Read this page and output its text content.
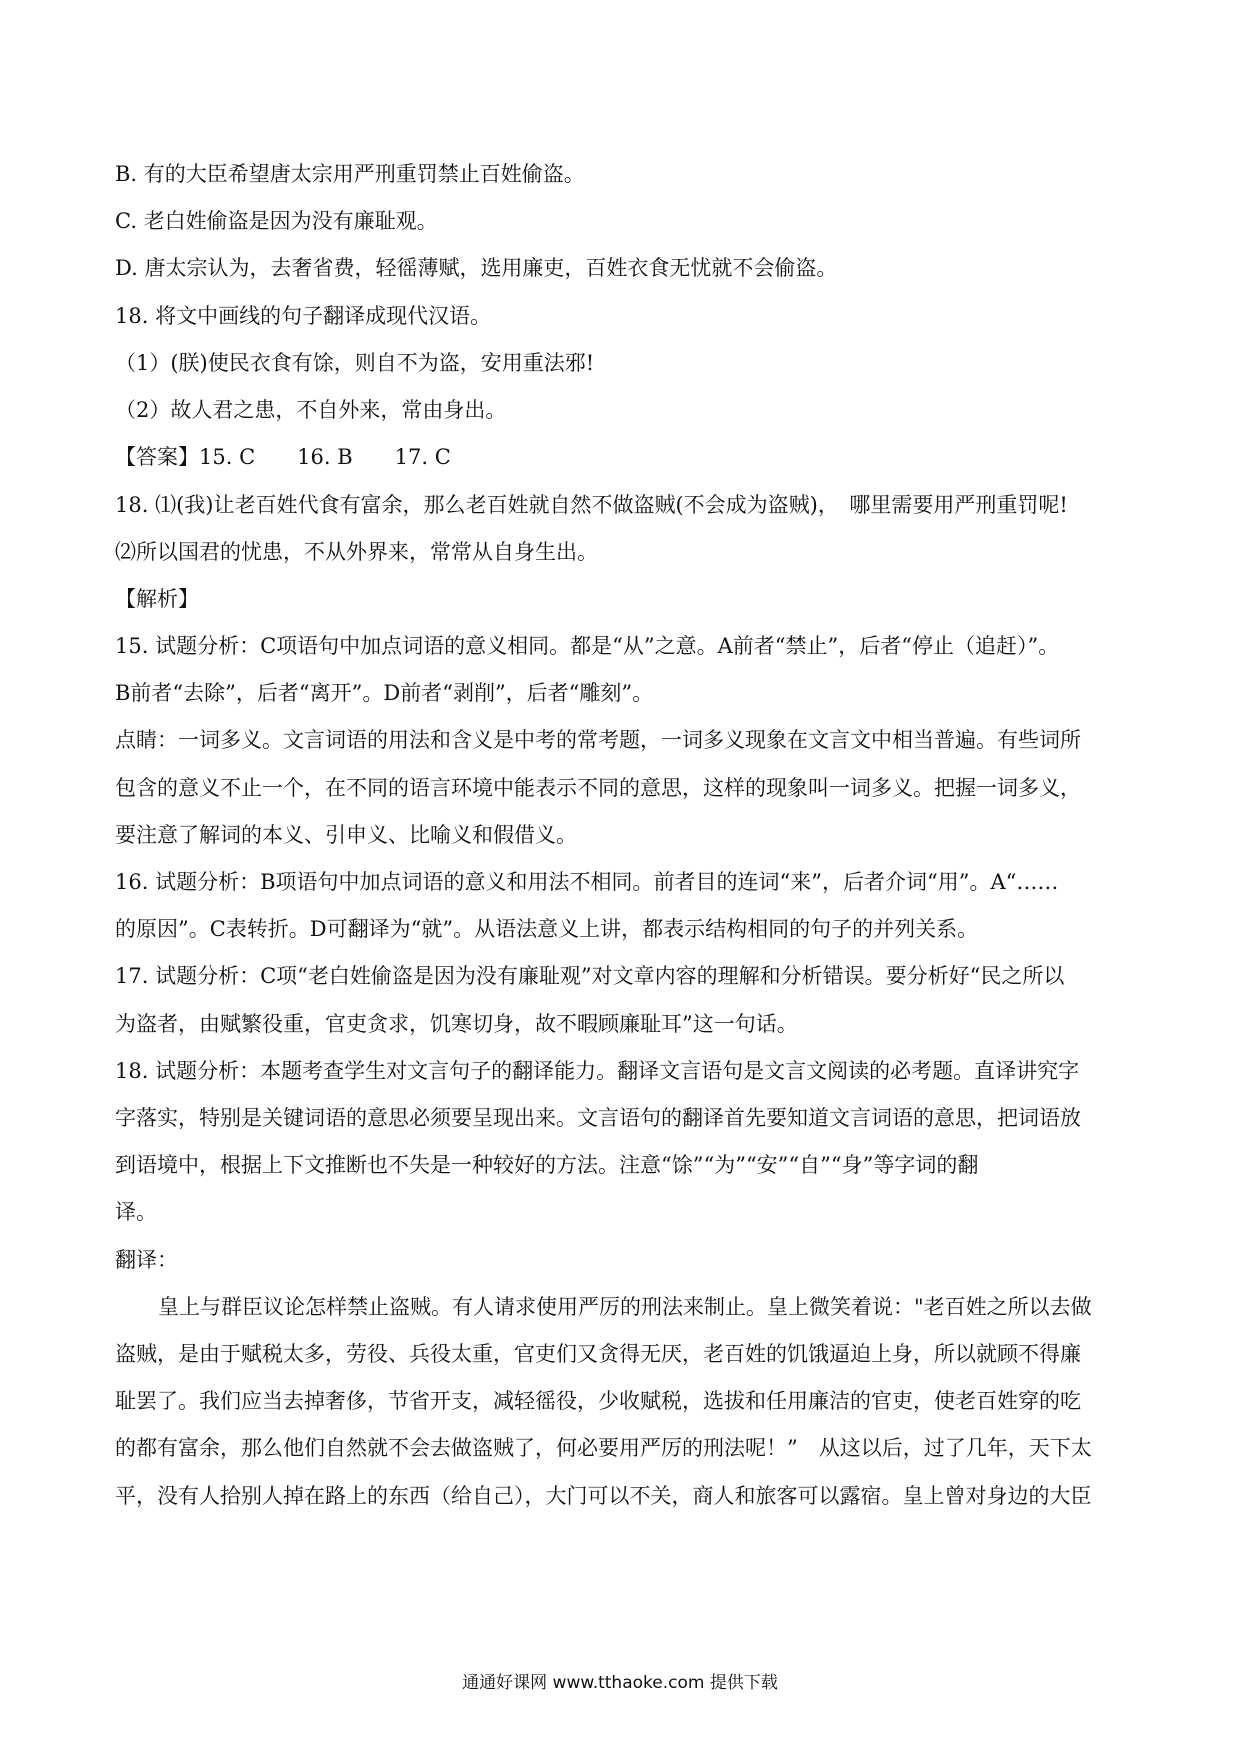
B. 有的大臣希望唐太宗用严刑重罚禁止百姓偷盗。
C. 老白姓偷盗是因为没有廉耻观。
D. 唐太宗认为，去奢省费，轻徭薄赋，选用廉吏，百姓衣食无忧就不会偷盗。
18. 将文中画线的句子翻译成现代汉语。
（1）(朕)使民衣食有馀，则自不为盗，安用重法邪!
（2）故人君之患，不自外来，常由身出。
【答案】15. C　　16. B　　17. C
18. ⑴(我)让老百姓代食有富余，那么老百姓就自然不做盗贼(不会成为盗贼)，　哪里需要用严刑重罚呢!
⑵所以国君的忧患，不从外界来，常常从自身生出。
【解析】
15. 试题分析：C项语句中加点词语的意义相同。都是“从”之意。A前者“禁止”，后者“停止（追赶）”。
B前者“去除”，后者“离开”。D前者“剥削”，后者“雕刻”。
点睛：一词多义。文言词语的用法和含义是中考的常考题，一词多义现象在文言文中相当普遍。有些词所
包含的意义不止一个，在不同的语言环境中能表示不同的意思，这样的现象叫一词多义。把握一词多义，
要注意了解词的本义、引申义、比喻义和假借义。
16. 试题分析：B项语句中加点词语的意义和用法不相同。前者目的连词“来”，后者介词“用”。A“……
的原因”。C表转折。D可翻译为“就”。从语法意义上讲，都表示结构相同的句子的并列关系。
17. 试题分析：C项“老白姓偷盗是因为没有廉耻观”对文章内容的理解和分析错误。要分析好“民之所以
为盗者，由赋繁役重，官吏贪求，饥寒切身，故不暇顾廉耻耳”这一句话。
18. 试题分析：本题考查学生对文言句子的翻译能力。翻译文言语句是文言文阅读的必考题。直译讲究字
字落实，特别是关键词语的意思必须要呈现出来。文言语句的翻译首先要知道文言词语的意思，把词语放
到语境中，根据上下文推断也不失是一种较好的方法。注意“馀”“为”“安”“自”“身”等字词的翻
译。
翻译：
皇上与群臣议论怎样禁止盗贼。有人请求使用严厉的刑法来制止。皇上微笑着说："老百姓之所以去做
盗贼，是由于赋税太多，劳役、兵役太重，官吏们又贪得无厌，老百姓的饥饿逼迫上身，所以就顾不得廉
耻罢了。我们应当去掉奢侈，节省开支，减轻徭役，少收赋税，选拔和任用廉洁的官吏，使老百姓穿的吃
的都有富余，那么他们自然就不会去做盗贼了，何必要用严厉的刑法呢！”　从这以后，过了几年，天下太
平，没有人拾别人掉在路上的东西（给自己），大门可以不关，商人和旅客可以露宿。皇上曾对身边的大臣
通通好课网 www.tthaoke.com 提供下载
